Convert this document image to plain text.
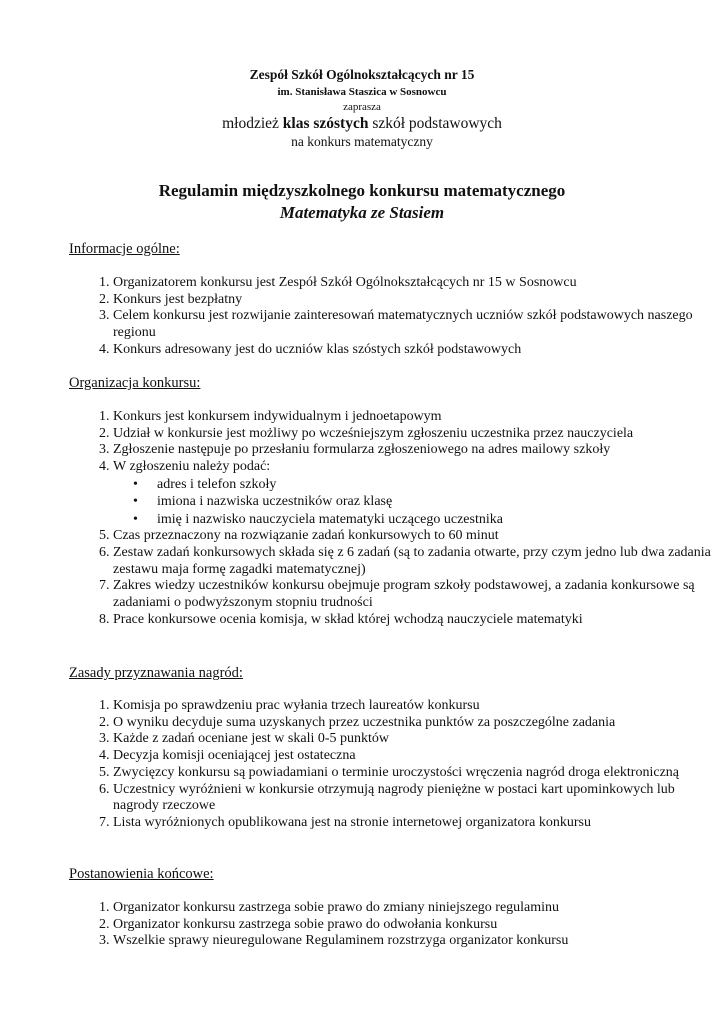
Zespół Szkół Ogólnokształcących nr 15
im. Stanisława Staszica w Sosnowcu
zaprasza
młodzież klas szóstych szkół podstawowych
na konkurs matematyczny
Regulamin międzyszkolnego konkursu matematycznego
Matematyka ze Stasiem
Informacje ogólne:
1. Organizatorem konkursu jest Zespół Szkół Ogólnokształcących nr 15 w Sosnowcu
2. Konkurs jest bezpłatny
3. Celem konkursu jest rozwijanie zainteresowań matematycznych uczniów szkół podstawowych naszego regionu
4. Konkurs adresowany jest do uczniów klas szóstych szkół podstawowych
Organizacja konkursu:
1. Konkurs jest konkursem indywidualnym i jednoetapowym
2. Udział w konkursie jest możliwy po wcześniejszym zgłoszeniu uczestnika przez nauczyciela
3. Zgłoszenie następuje po przesłaniu formularza zgłoszeniowego na adres mailowy szkoły
4. W zgłoszeniu należy podać:
• adres i telefon szkoły
• imiona i nazwiska uczestników oraz klasę
• imię i nazwisko nauczyciela matematyki uczącego uczestnika
5. Czas przeznaczony na rozwiązanie zadań konkursowych to 60 minut
6. Zestaw zadań konkursowych składa się z 6 zadań (są to zadania otwarte, przy czym jedno lub dwa zadania zestawu maja formę zagadki matematycznej)
7. Zakres wiedzy uczestników konkursu obejmuje program szkoły podstawowej, a zadania konkursowe są zadaniami o podwyższonym stopniu trudności
8. Prace konkursowe ocenia komisja, w skład której wchodzą nauczyciele matematyki
Zasady przyznawania nagród:
1. Komisja po sprawdzeniu prac wyłania trzech laureatów konkursu
2. O wyniku decyduje suma uzyskanych przez uczestnika punktów za poszczególne zadania
3. Każde z zadań oceniane jest w skali 0-5 punktów
4. Decyzja komisji oceniającej jest ostateczna
5. Zwycięzcy konkursu są powiadamiani o terminie uroczystości wręczenia nagród droga elektroniczną
6. Uczestnicy wyróżnieni w konkursie otrzymują nagrody pieniężne w postaci kart upominkowych lub nagrody rzeczowe
7. Lista wyróżnionych opublikowana jest na stronie internetowej organizatora konkursu
Postanowienia końcowe:
1. Organizator konkursu zastrzega sobie prawo do zmiany niniejszego regulaminu
2. Organizator konkursu zastrzega sobie prawo do odwołania konkursu
3. Wszelkie sprawy nieuregulowane Regulaminem rozstrzyga organizator konkursu
